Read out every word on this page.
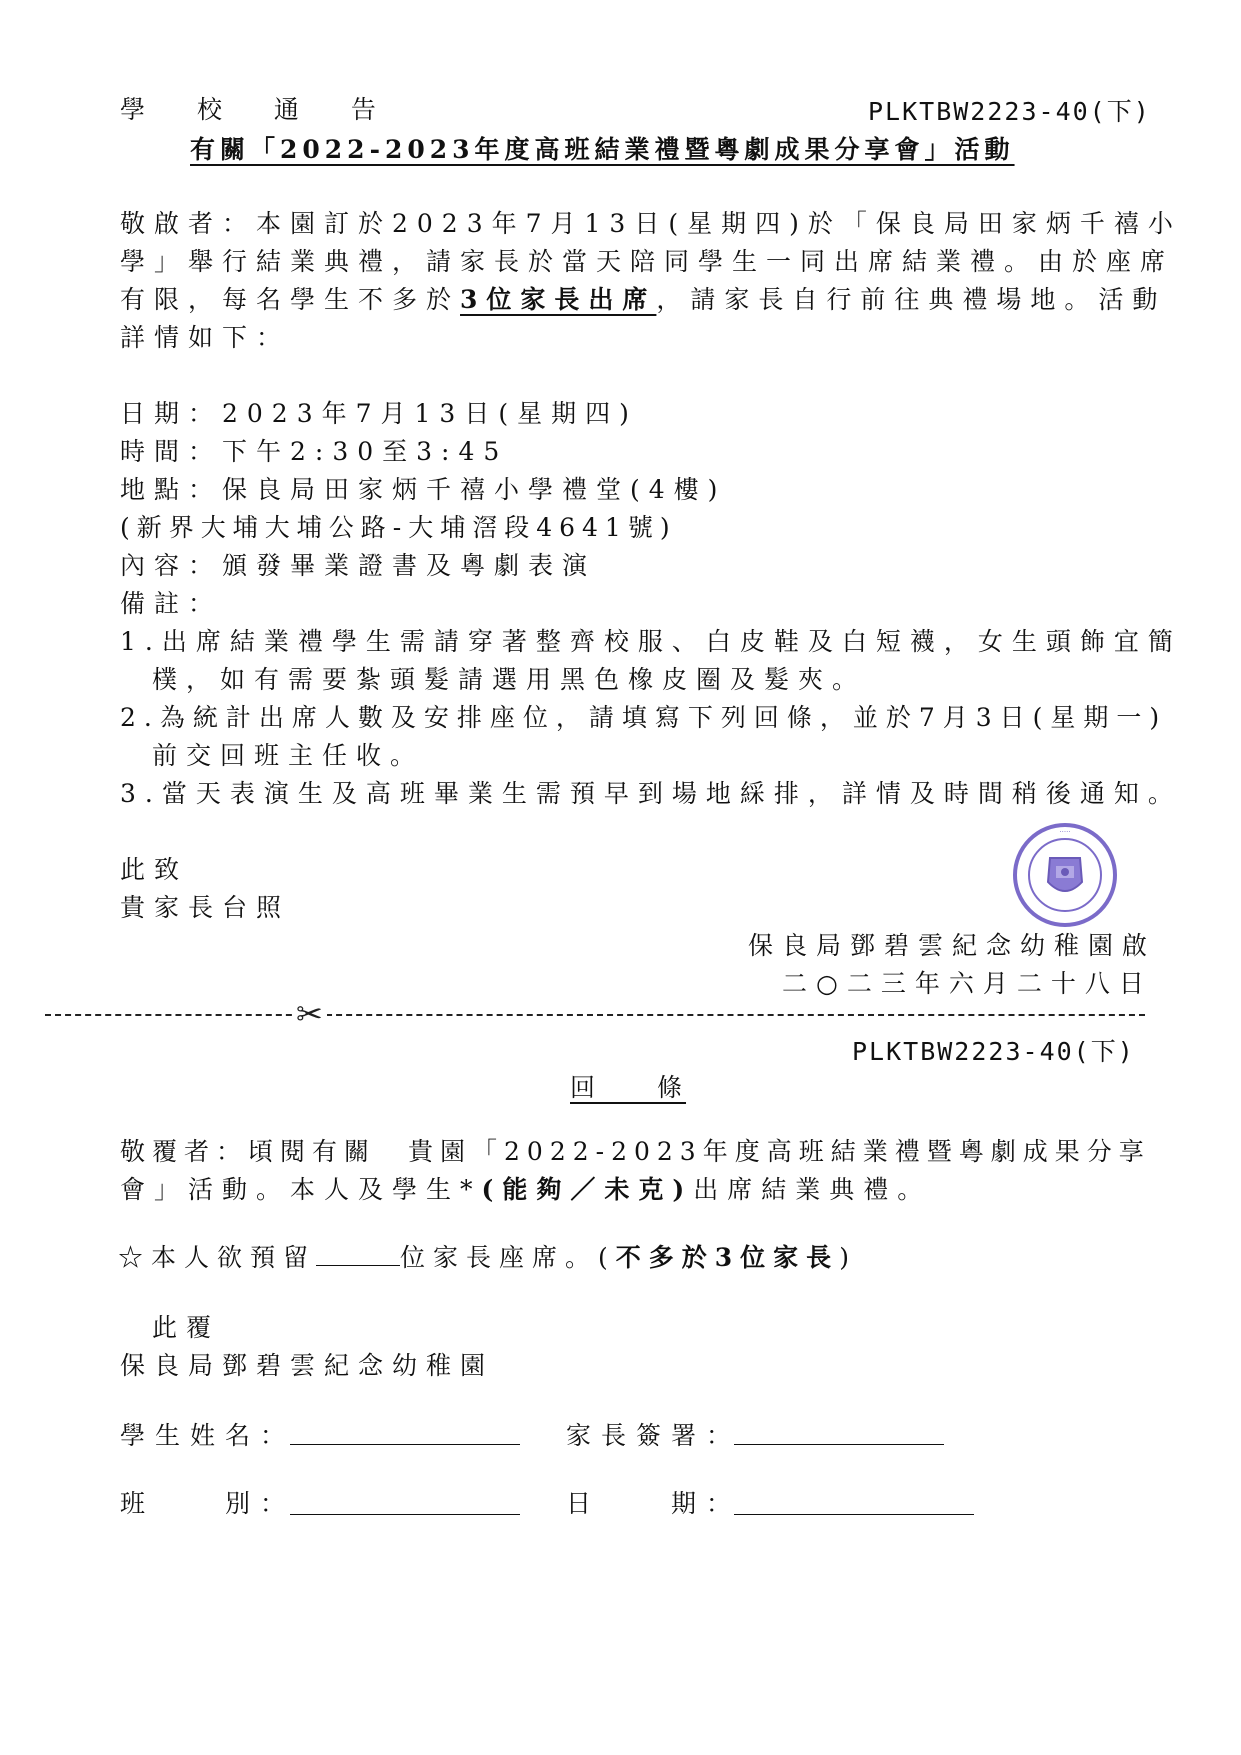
學 校 通 告	PLKTBW2223-40(下)
有關「2022-2023年度高班結業禮暨粵劇成果分享會」活動
敬啟者：本園訂於2023年7月13日(星期四)於「保良局田家炳千禧小
學」舉行結業典禮，請家長於當天陪同學生一同出席結業禮。由於座席
有限，每名學生不多於3位家長出席，請家長自行前往典禮場地。活動
詳情如下：
日期：2023年7月13日(星期四)
時間：下午2:30至3:45
地點：保良局田家炳千禧小學禮堂(4樓)
(新界大埔大埔公路-大埔滘段4641號)
內容：頒發畢業證書及粵劇表演
備註：
1.出席結業禮學生需請穿著整齊校服、白皮鞋及白短襪，女生頭飾宜簡
樸，如有需要紮頭髮請選用黑色橡皮圈及髮夾。
2.為統計出席人數及安排座位，請填寫下列回條，並於7月3日(星期一)
前交回班主任收。
3.當天表演生及高班畢業生需預早到場地綵排，詳情及時間稍後通知。
此致
貴家長台照
·····
保良局鄧碧雲紀念幼稚園啟
二○二三年六月二十八日
✂
PLKTBW2223-40(下)
回　　條
敬覆者：頃閱有關　貴園「2022-2023年度高班結業禮暨粵劇成果分享
會」活動。本人及學生*(能夠／未克)出席結業典禮。
☆本人欲預留	位家長座席。(不多於3位家長)
此覆
保良局鄧碧雲紀念幼稚園
學生姓名：	家長簽署：
班　　別：	日　　期：
